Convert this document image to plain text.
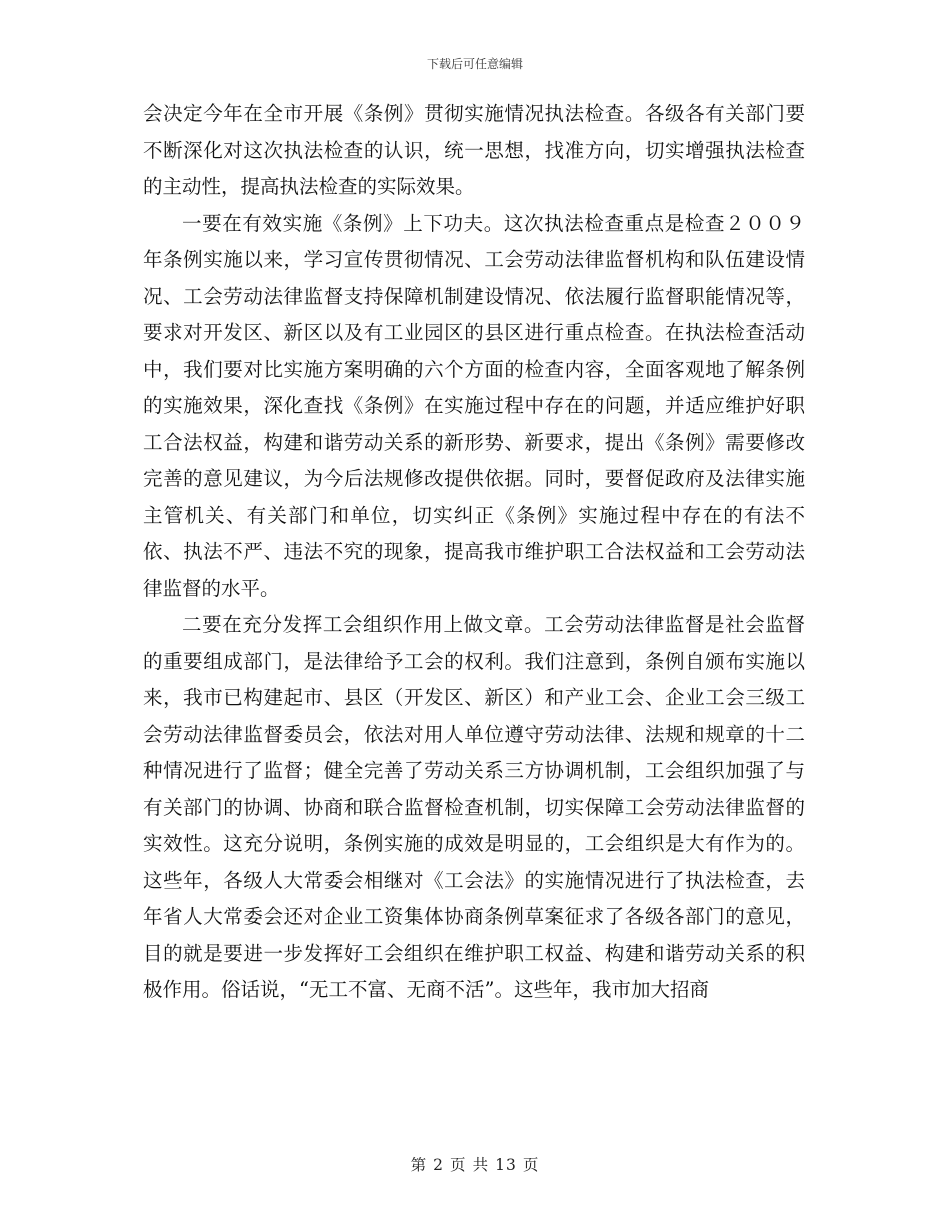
下载后可任意编辑

会决定今年在全市开展《条例》贯彻实施情况执法检查。各级各有关部门要不断深化对这次执法检查的认识，统一思想，找准方向，切实增强执法检查的主动性，提高执法检查的实际效果。

一要在有效实施《条例》上下功夫。这次执法检查重点是检查２００９年条例实施以来，学习宣传贯彻情况、工会劳动法律监督机构和队伍建设情况、工会劳动法律监督支持保障机制建设情况、依法履行监督职能情况等，要求对开发区、新区以及有工业园区的县区进行重点检查。在执法检查活动中，我们要对比实施方案明确的六个方面的检查内容，全面客观地了解条例的实施效果，深化查找《条例》在实施过程中存在的问题，并适应维护好职工合法权益，构建和谐劳动关系的新形势、新要求，提出《条例》需要修改完善的意见建议，为今后法规修改提供依据。同时，要督促政府及法律实施主管机关、有关部门和单位，切实纠正《条例》实施过程中存在的有法不依、执法不严、违法不究的现象，提高我市维护职工合法权益和工会劳动法律监督的水平。

二要在充分发挥工会组织作用上做文章。工会劳动法律监督是社会监督的重要组成部门，是法律给予工会的权利。我们注意到，条例自颁布实施以来，我市已构建起市、县区（开发区、新区）和产业工会、企业工会三级工会劳动法律监督委员会，依法对用人单位遵守劳动法律、法规和规章的十二种情况进行了监督；健全完善了劳动关系三方协调机制，工会组织加强了与有关部门的协调、协商和联合监督检查机制，切实保障工会劳动法律监督的实效性。这充分说明，条例实施的成效是明显的，工会组织是大有作为的。这些年，各级人大常委会相继对《工会法》的实施情况进行了执法检查，去年省人大常委会还对企业工资集体协商条例草案征求了各级各部门的意见，目的就是要进一步发挥好工会组织在维护职工权益、构建和谐劳动关系的积极作用。俗话说，“无工不富、无商不活”。这些年，我市加大招商

第 2 页 共 13 页
